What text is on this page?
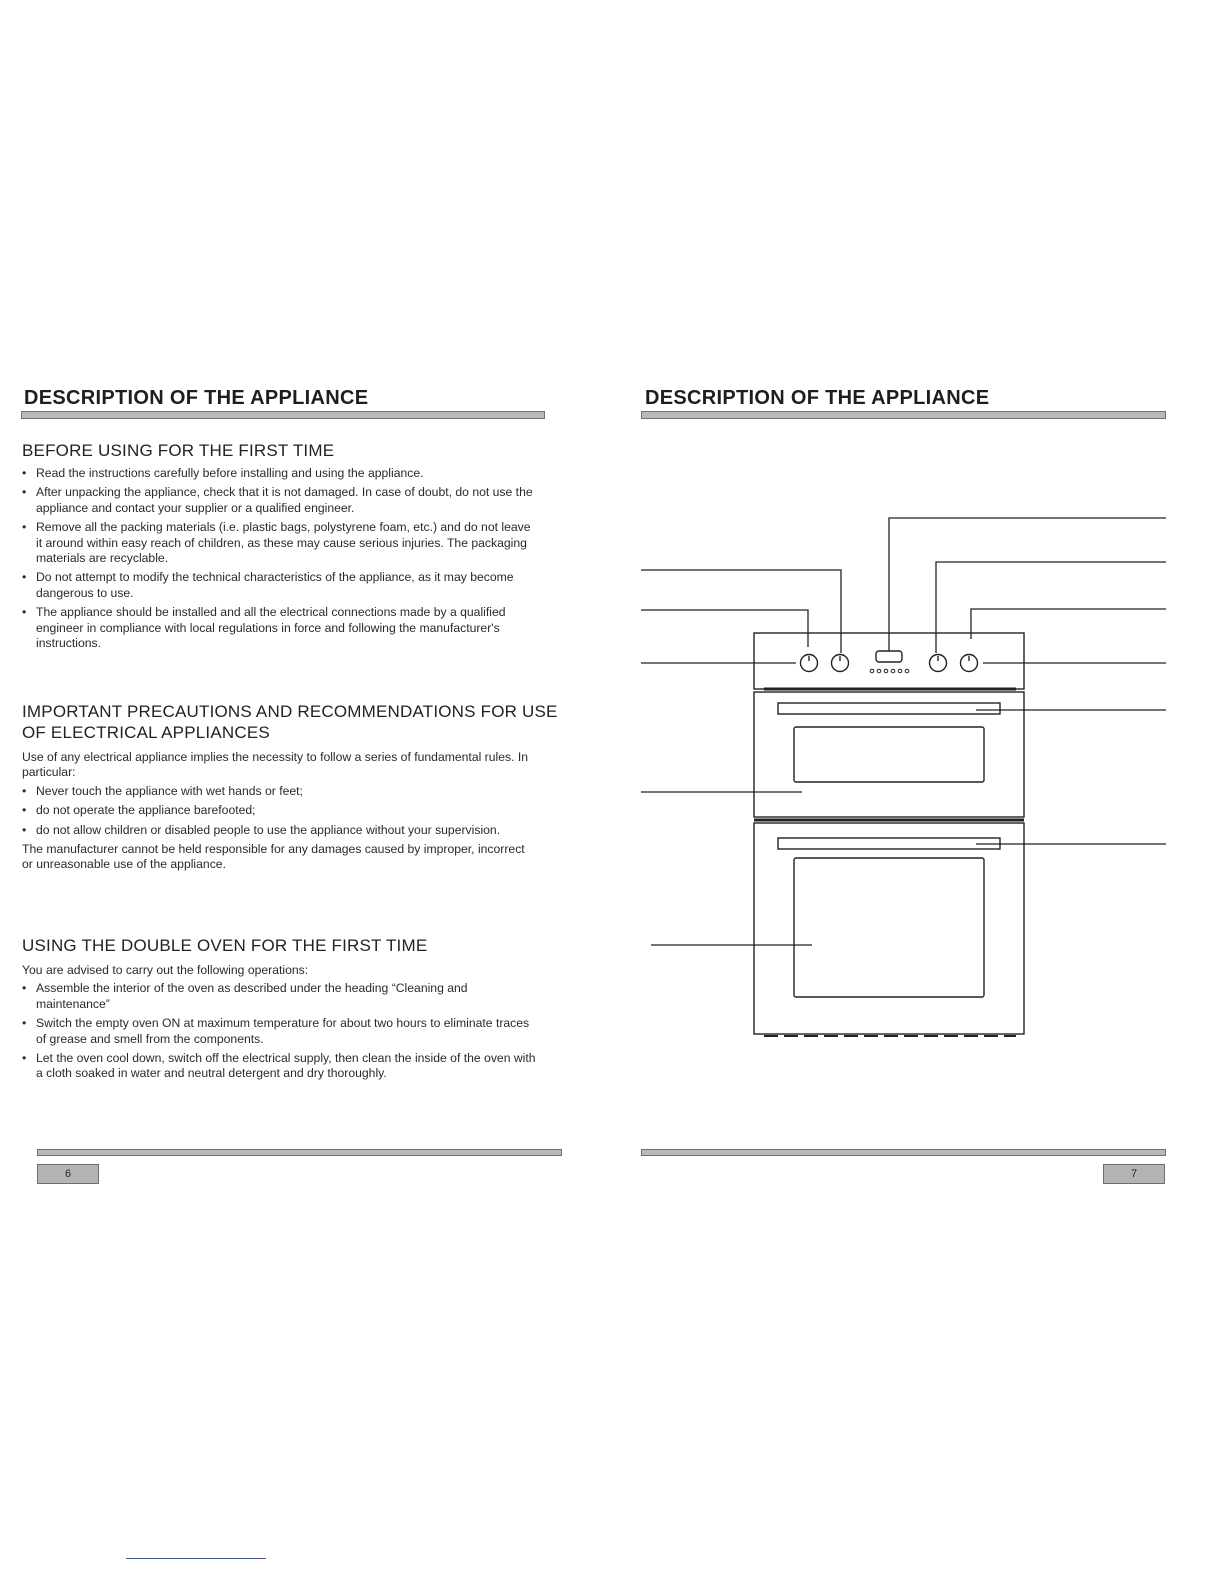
DESCRIPTION OF THE APPLIANCE
BEFORE USING FOR THE FIRST TIME
• Read the instructions carefully before installing and using the appliance.
• After unpacking the appliance, check that it is not damaged. In case of doubt, do not use the appliance and contact your supplier or a qualified engineer.
• Remove all the packing materials (i.e. plastic bags, polystyrene foam, etc.) and do not leave it around within easy reach of children, as these may cause serious injuries. The packaging materials are recyclable.
• Do not attempt to modify the technical characteristics of the appliance, as it may become dangerous to use.
• The appliance should be installed and all the electrical connections made by a qualified engineer in compliance with local regulations in force and following the manufacturer's instructions.
IMPORTANT PRECAUTIONS AND RECOMMENDATIONS FOR USE OF ELECTRICAL APPLIANCES

Use of any electrical appliance implies the necessity to follow a series of fundamental rules. In particular:

• Never touch the appliance with wet hands or feet;
• do not operate the appliance barefooted;
• do not allow children or disabled people to use the appliance without your supervision.

The manufacturer cannot be held responsible for any damages caused by improper, incorrect or unreasonable use of the appliance.

USING THE DOUBLE OVEN FOR THE FIRST TIME

You are advised to carry out the following operations:

• Assemble the interior of the oven as described under the heading “Cleaning and maintenance”
• Switch the empty oven ON at maximum temperature for about two hours to eliminate traces of grease and smell from the components.
• Let the oven cool down, switch off the electrical supply, then clean the inside of the oven with a cloth soaked in water and neutral detergent and dry thoroughly.
6
DESCRIPTION OF THE APPLIANCE
7
